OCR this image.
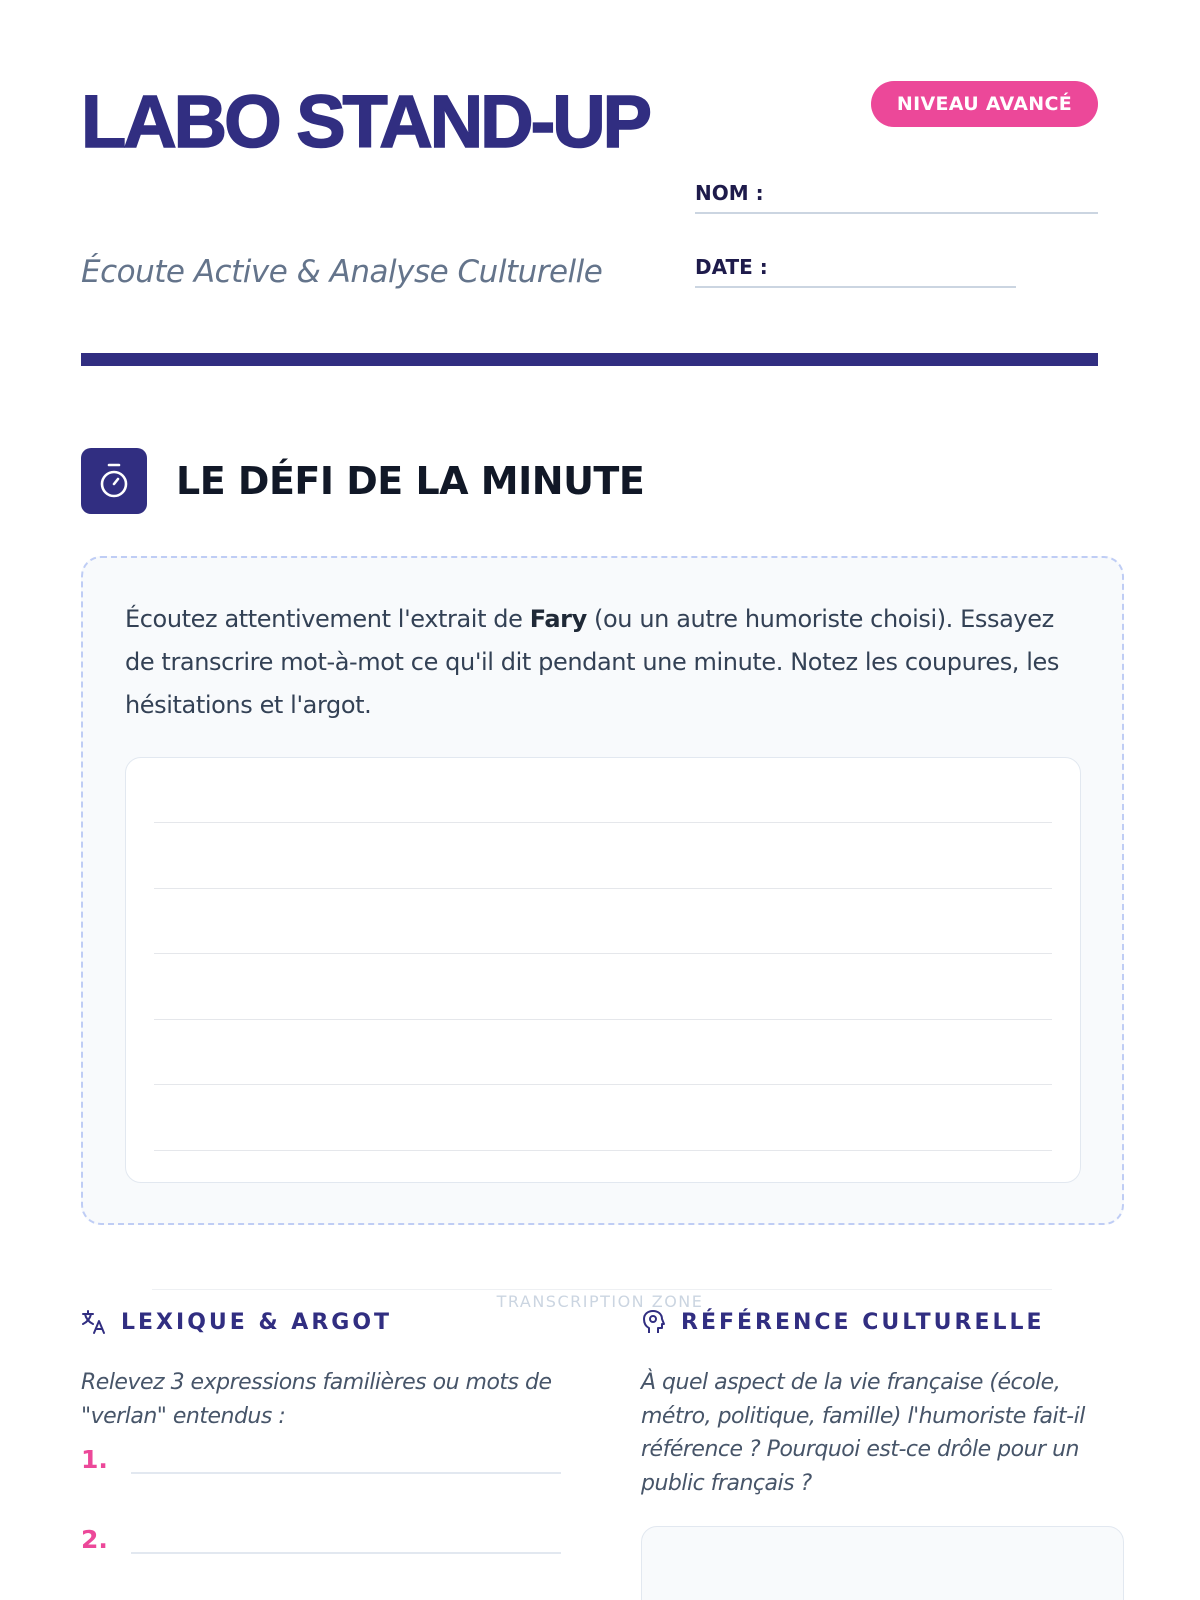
LABO STAND-UP
Écoute Active & Analyse Culturelle
NIVEAU AVANCÉ
NOM :
DATE :
LE DÉFI DE LA MINUTE

Écoutez attentivement l'extrait de Fary (ou un autre humoriste choisi). Essayez de transcrire mot-à-mot ce qu'il dit pendant une minute. Notez les coupures, les hésitations et l'argot.

TRANSCRIPTION ZONE
LEXIQUE & ARGOT

Relevez 3 expressions familières ou mots de "verlan" entendus :

1.
2.
RÉFÉRENCE CULTURELLE

À quel aspect de la vie française (école, métro, politique, famille) l'humoriste fait-il référence ? Pourquoi est-ce drôle pour un public français ?
